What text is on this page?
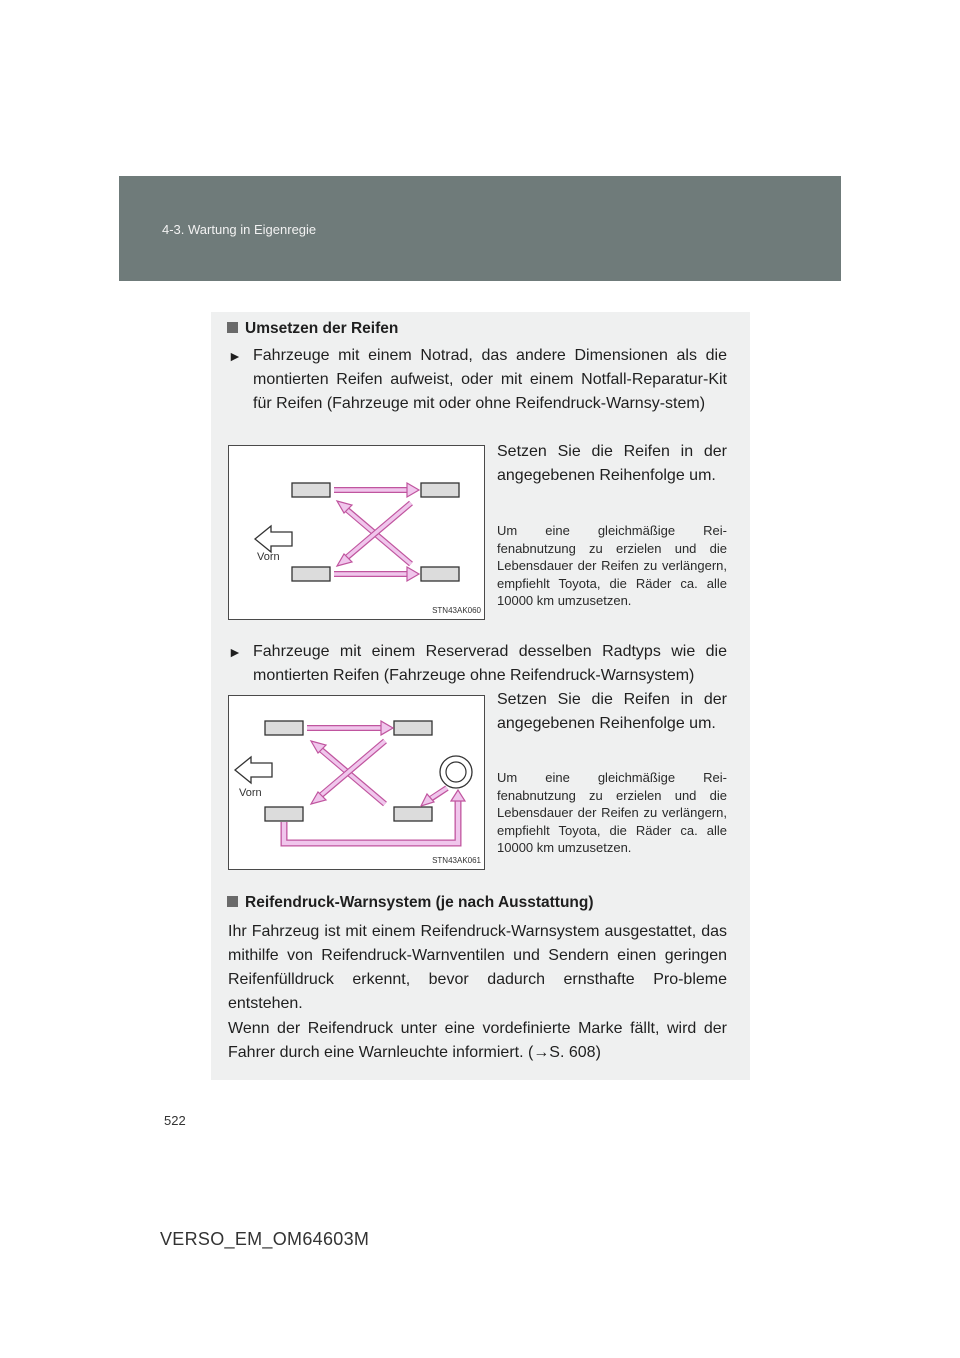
4-3. Wartung in Eigenregie
Umsetzen der Reifen
► Fahrzeuge mit einem Notrad, das andere Dimensionen als die montierten Reifen aufweist, oder mit einem Notfall-Reparatur-Kit für Reifen (Fahrzeuge mit oder ohne Reifendruck-Warnsy-stem)
Vorn
STN43AK060
Setzen Sie die Reifen in der angegebenen Reihenfolge um.
Um eine gleichmäßige Rei-fenabnutzung zu erzielen und die Lebensdauer der Reifen zu verlängern, empfiehlt Toyota, die Räder ca. alle 10000 km umzusetzen.
► Fahrzeuge mit einem Reserverad desselben Radtyps wie die montierten Reifen (Fahrzeuge ohne Reifendruck-Warnsystem)
Vorn
STN43AK061
Setzen Sie die Reifen in der angegebenen Reihenfolge um.
Um eine gleichmäßige Rei-fenabnutzung zu erzielen und die Lebensdauer der Reifen zu verlängern, empfiehlt Toyota, die Räder ca. alle 10000 km umzusetzen.
Reifendruck-Warnsystem (je nach Ausstattung)
Ihr Fahrzeug ist mit einem Reifendruck-Warnsystem ausgestattet, das mithilfe von Reifendruck-Warnventilen und Sendern einen geringen Reifenfülldruck erkennt, bevor dadurch ernsthafte Pro-bleme entstehen.
Wenn der Reifendruck unter eine vordefinierte Marke fällt, wird der Fahrer durch eine Warnleuchte informiert. (→S. 608)
522
VERSO_EM_OM64603M
